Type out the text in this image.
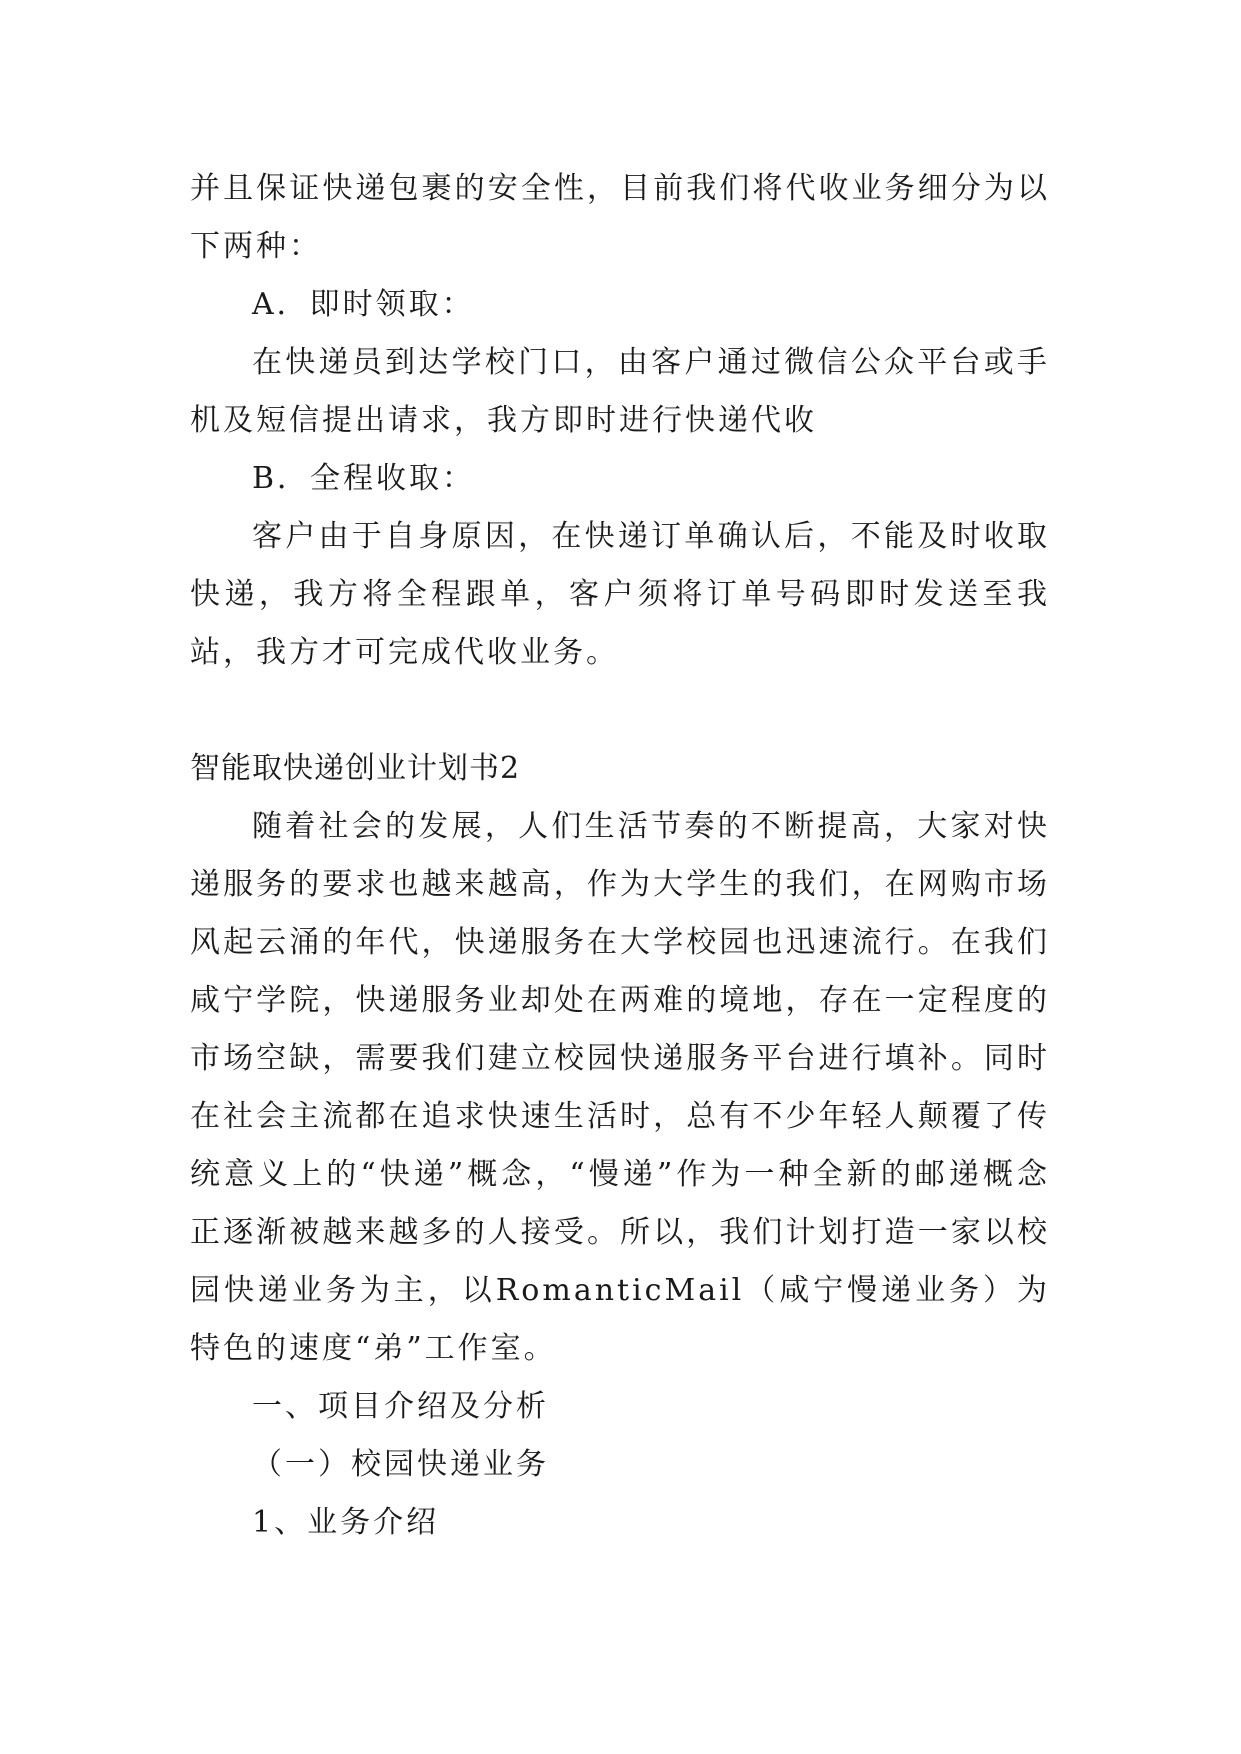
并且保证快递包裹的安全性，目前我们将代收业务细分为以下两种：

A．即时领取：

在快递员到达学校门口，由客户通过微信公众平台或手机及短信提出请求，我方即时进行快递代收

B．全程收取：

客户由于自身原因，在快递订单确认后，不能及时收取快递，我方将全程跟单，客户须将订单号码即时发送至我站，我方才可完成代收业务。

智能取快递创业计划书2

随着社会的发展，人们生活节奏的不断提高，大家对快递服务的要求也越来越高，作为大学生的我们，在网购市场风起云涌的年代，快递服务在大学校园也迅速流行。在我们咸宁学院，快递服务业却处在两难的境地，存在一定程度的市场空缺，需要我们建立校园快递服务平台进行填补。同时在社会主流都在追求快速生活时，总有不少年轻人颠覆了传统意义上的“快递”概念，“慢递”作为一种全新的邮递概念正逐渐被越来越多的人接受。所以，我们计划打造一家以校园快递业务为主，以RomanticMail（咸宁慢递业务）为特色的速度“弟”工作室。

一、项目介绍及分析

（一）校园快递业务

1、业务介绍
